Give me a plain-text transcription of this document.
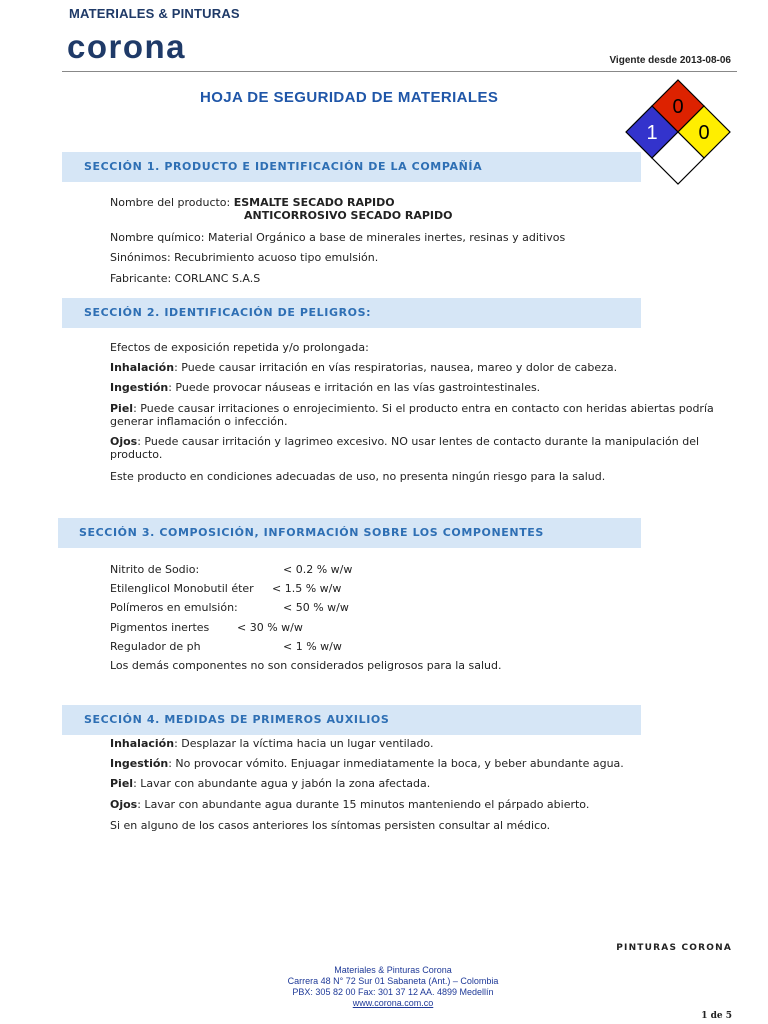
MATERIALES & PINTURAS
corona	Vigente desde 2013-08-06
HOJA DE SEGURIDAD DE MATERIALES	0
1 0
SECCIÓN 1. PRODUCTO E IDENTIFICACIÓN DE LA COMPAÑÍA
Nombre del producto: ESMALTE SECADO RAPIDO
ANTICORROSIVO SECADO RAPIDO
Nombre químico: Material Orgánico a base de minerales inertes, resinas y aditivos
Sinónimos: Recubrimiento acuoso tipo emulsión.
Fabricante: CORLANC S.A.S
SECCIÓN 2. IDENTIFICACIÓN DE PELIGROS:
Efectos de exposición repetida y/o prolongada:
Inhalación: Puede causar irritación en vías respiratorias, nausea, mareo y dolor de cabeza.
Ingestión: Puede provocar náuseas e irritación en las vías gastrointestinales.
Piel: Puede causar irritaciones o enrojecimiento. Si el producto entra en contacto con heridas abiertas podría generar inflamación o infección.
Ojos: Puede causar irritación y lagrimeo excesivo. NO usar lentes de contacto durante la manipulación del producto.
Este producto en condiciones adecuadas de uso, no presenta ningún riesgo para la salud.
SECCIÓN 3. COMPOSICIÓN, INFORMACIÓN SOBRE LOS COMPONENTES
Nitrito de Sodio:	< 0.2 % w/w
Etilenglicol Monobutil éter < 1.5 % w/w
Polímeros en emulsión:	< 50 % w/w
Pigmentos inertes	< 30 % w/w
Regulador de ph	< 1 % w/w
Los demás componentes no son considerados peligrosos para la salud.
SECCIÓN 4. MEDIDAS DE PRIMEROS AUXILIOS
Inhalación: Desplazar la víctima hacia un lugar ventilado.
Ingestión: No provocar vómito. Enjuagar inmediatamente la boca, y beber abundante agua.
Piel: Lavar con abundante agua y jabón la zona afectada.
Ojos: Lavar con abundante agua durante 15 minutos manteniendo el párpado abierto.
Si en alguno de los casos anteriores los síntomas persisten consultar al médico.
PINTURAS CORONA
Materiales & Pinturas Corona
Carrera 48 N° 72 Sur 01 Sabaneta (Ant.) – Colombia
PBX: 305 82 00 Fax: 301 37 12 AA. 4899 Medellín
www.corona.com.co
1 de 5
